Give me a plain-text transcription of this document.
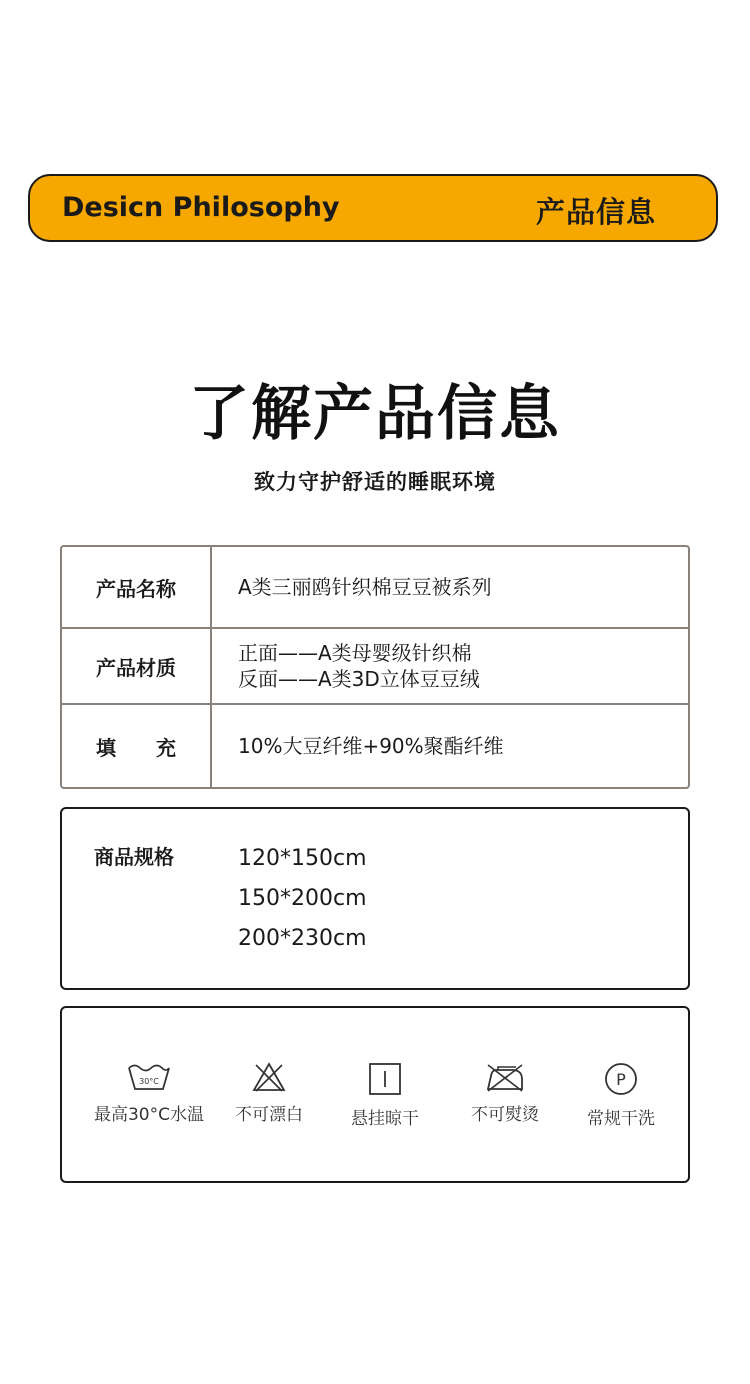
Desicn Philosophy	产品信息
了解产品信息
致力守护舒适的睡眠环境
产品名称	A类三丽鸥针织棉豆豆被系列
产品材质
正面——A类母婴级针织棉
反面——A类3D立体豆豆绒
填 充	10%大豆纤维+90%聚酯纤维
商品规格	120*150cm
150*200cm
200*230cm
30°C
最高30°C水温	不可漂白	悬挂晾干	不可熨烫
P
常规干洗
